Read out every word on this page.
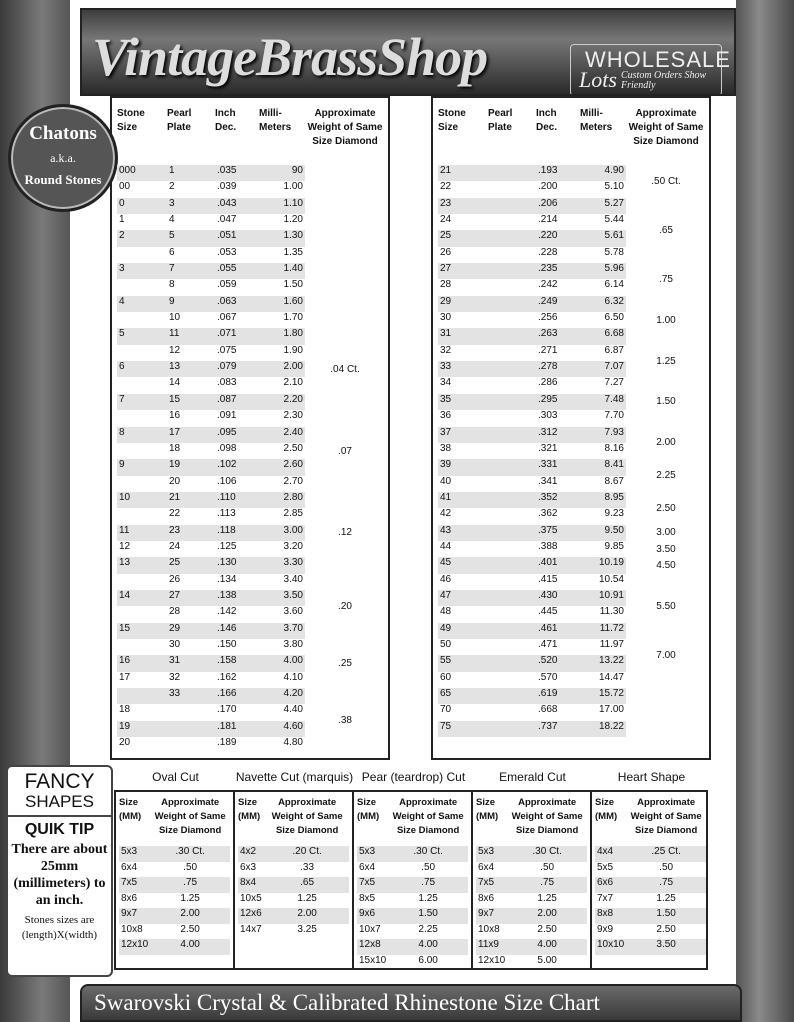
VintageBrassShop	WHOLESALE
Lots Custom Orders Show Friendly
Chatons
a.k.a.
Round Stones
Stone Size	Pearl Plate	Inch Dec.	Milli-Meters	Approximate Weight of Same Size Diamond
000	1	.035	90	
00	2	.039	1.00	
0	3	.043	1.10	
1	4	.047	1.20	
2	5	.051	1.30	
	6	.053	1.35	
3	7	.055	1.40	
	8	.059	1.50	
4	9	.063	1.60	
	10	.067	1.70	
5	11	.071	1.80	
	12	.075	1.90	
6	13	.079	2.00	.04 Ct.
	14	.083	2.10	
7	15	.087	2.20	
	16	.091	2.30	
8	17	.095	2.40	
	18	.098	2.50	.07
9	19	.102	2.60	
	20	.106	2.70	
10	21	.110	2.80	
	22	.113	2.85	
11	23	.118	3.00	.12
12	24	.125	3.20	
13	25	.130	3.30	
	26	.134	3.40	
14	27	.138	3.50	.20
	28	.142	3.60	
15	29	.146	3.70	
	30	.150	3.80	
16	31	.158	4.00	.25
17	32	.162	4.10	
	33	.166	4.20	
18		.170	4.40	.38
19		.181	4.60	
20		.189	4.80	
Stone Size	Pearl Plate	Inch Dec.	Milli-Meters	Approximate Weight of Same Size Diamond
21		.193	4.90	.50 Ct.
22		.200	5.10	
23		.206	5.27	
24		.214	5.44	.65
25		.220	5.61	
26		.228	5.78	
27		.235	5.96	.75
28		.242	6.14	
29		.249	6.32	
30		.256	6.50	1.00
31		.263	6.68	
32		.271	6.87	1.25
33		.278	7.07	
34		.286	7.27	
35		.295	7.48	1.50
36		.303	7.70	
37		.312	7.93	2.00
38		.321	8.16	
39		.331	8.41	2.25
40		.341	8.67	
41		.352	8.95	2.50
42		.362	9.23	
43		.375	9.50	3.00
44		.388	9.85	3.50
45		.401	10.19	4.50
46		.415	10.54	
47		.430	10.91	5.50
48		.445	11.30	
49		.461	11.72	
50		.471	11.97	7.00
55		.520	13.22	
60		.570	14.47	
65		.619	15.72	
70		.668	17.00	
75		.737	18.22	
FANCY
SHAPES
QUIK TIP
There are about 25mm (millimeters) to an inch.
Stones sizes are (length)X(width)
Oval Cut
Size (MM)	Approximate Weight of Same Size Diamond
5x3	.30 Ct.
6x4	.50
7x5	.75
8x6	1.25
9x7	2.00
10x8	2.50
12x10	4.00
Navette Cut (marquis)
Size (MM)	Approximate Weight of Same Size Diamond
4x2	.20 Ct.
6x3	.33
8x4	.65
10x5	1.25
12x6	2.00
14x7	3.25
Pear (teardrop) Cut
Size (MM)	Approximate Weight of Same Size Diamond
5x3	.30 Ct.
6x4	.50
7x5	.75
8x5	1.25
9x6	1.50
10x7	2.25
12x8	4.00
15x10	6.00
Emerald Cut
Size (MM)	Approximate Weight of Same Size Diamond
5x3	.30 Ct.
6x4	.50
7x5	.75
8x6	1.25
9x7	2.00
10x8	2.50
11x9	4.00
12x10	5.00
Heart Shape
Size (MM)	Approximate Weight of Same Size Diamond
4x4	.25 Ct.
5x5	.50
6x6	.75
7x7	1.25
8x8	1.50
9x9	2.50
10x10	3.50
Swarovski Crystal & Calibrated Rhinestone Size Chart
